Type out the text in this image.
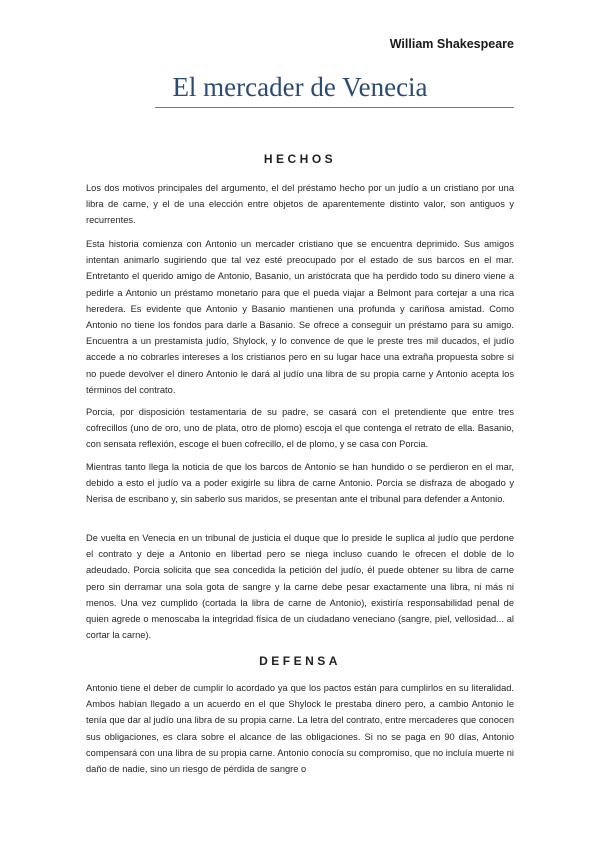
William Shakespeare
El mercader de Venecia
HECHOS

Los dos motivos principales del argumento, el del préstamo hecho por un judío a un cristiano por una libra de carne, y el de una elección entre objetos de aparentemente distinto valor, son antiguos y recurrentes.

Esta historia comienza con Antonio un mercader cristiano que se encuentra deprimido. Sus amigos intentan animarlo sugiriendo que tal vez esté preocupado por el estado de sus barcos en el mar. Entretanto el querido amigo de Antonio, Basanio, un aristócrata que ha perdido todo su dinero viene a pedirle a Antonio un préstamo monetario para que el pueda viajar a Belmont para cortejar a una rica heredera. Es evidente que Antonio y Basanio mantienen una profunda y cariñosa amistad. Como Antonio no tiene los fondos para darle a Basanio. Se ofrece a conseguir un préstamo para su amigo. Encuentra a un prestamista judío, Shylock, y lo convence de que le preste tres mil ducados, el judío accede a no cobrarles intereses a los cristianos pero en su lugar hace una extraña propuesta sobre si no puede devolver el dinero Antonio le dará al judío una libra de su propia carne y Antonio acepta los términos del contrato.

Porcia, por disposición testamentaria de su padre, se casará con el pretendiente que entre tres cofrecillos (uno de oro, uno de plata, otro de plomo) escoja el que contenga el retrato de ella. Basanio, con sensata reflexión, escoge el buen cofrecillo, el de plomo, y se casa con Porcia.

Mientras tanto llega la noticia de que los barcos de Antonio se han hundido o se perdieron en el mar, debido a esto el judío va a poder exigirle su libra de carne Antonio. Porcia se disfraza de abogado y Nerisa de escribano y, sin saberlo sus maridos, se presentan ante el tribunal para defender a Antonio.

De vuelta en Venecia en un tribunal de justicia el duque que lo preside le suplica al judío que perdone el contrato y deje a Antonio en libertad pero se niega incluso cuando le ofrecen el doble de lo adeudado. Porcia solicita que sea concedida la petición del judío, él puede obtener su libra de carne pero sin derramar una sola gota de sangre y la carne debe pesar exactamente una libra, ni más ni menos. Una vez cumplido (cortada la libra de carne de Antonio), existiría responsabilidad penal de quien agrede o menoscaba la integridad física de un ciudadano veneciano (sangre, piel, vellosidad... al cortar la carne).

DEFENSA

Antonio tiene el deber de cumplir lo acordado ya que los pactos están para cumplirlos en su literalidad. Ambos habían llegado a un acuerdo en el que Shylock le prestaba dinero pero, a cambio Antonio le tenía que dar al judío una libra de su propia carne. La letra del contrato, entre mercaderes que conocen sus obligaciones, es clara sobre el alcance de las obligaciones. Si no se paga en 90 días, Antonio compensará con una libra de su propia carne. Antonio conocía su compromiso, que no incluía muerte ni daño de nadie, sino un riesgo de pérdida de sangre o
